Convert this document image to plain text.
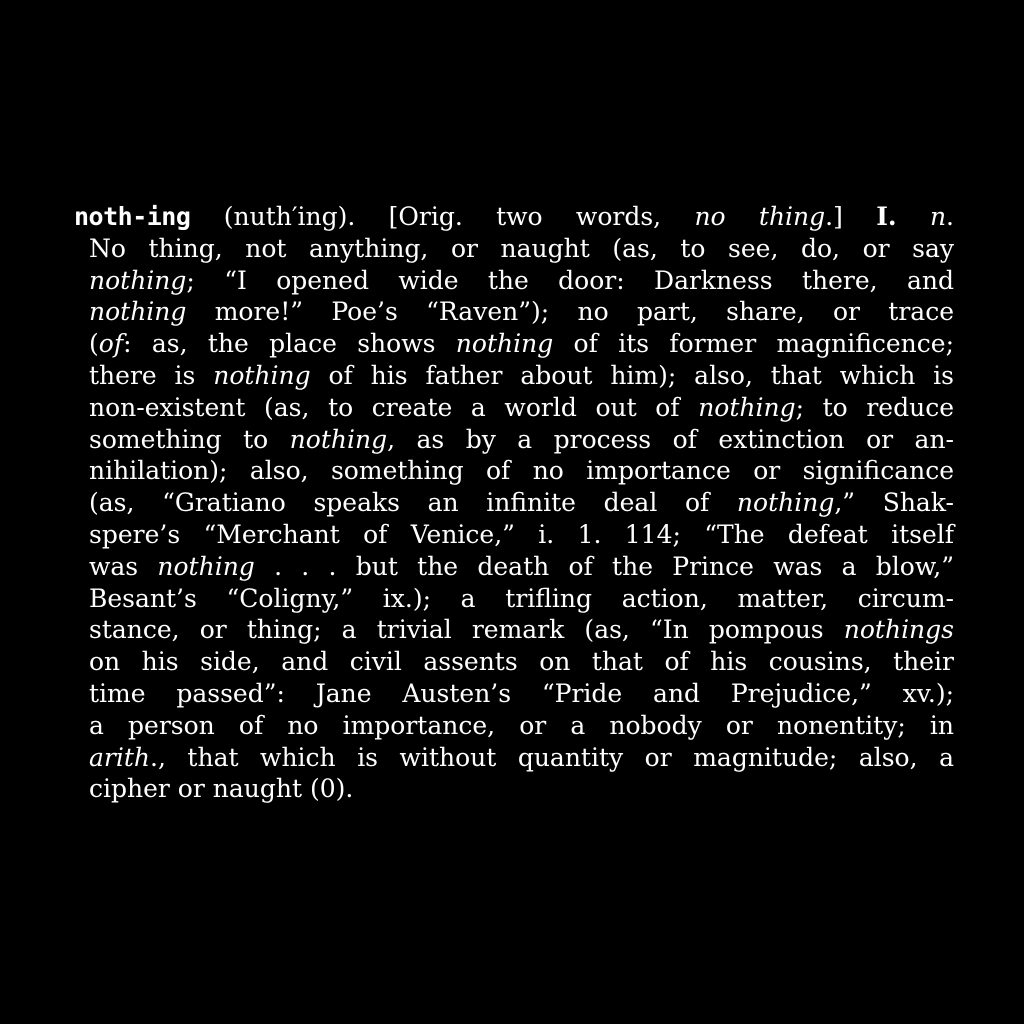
noth-ing (nuth′ing). [Orig. two words, no thing.] I. n.
No thing, not anything, or naught (as, to see, do, or say
nothing; “I opened wide the door: Darkness there, and
nothing more!” Poe’s “Raven”); no part, share, or trace
(of: as, the place shows nothing of its former magnificence;
there is nothing of his father about him); also, that which is
non-existent (as, to create a world out of nothing; to reduce
something to nothing, as by a process of extinction or an-
nihilation); also, something of no importance or significance
(as, “Gratiano speaks an infinite deal of nothing,” Shak-
spere’s “Merchant of Venice,” i. 1. 114; “The defeat itself
was nothing . . . but the death of the Prince was a blow,”
Besant’s “Coligny,” ix.); a trifling action, matter, circum-
stance, or thing; a trivial remark (as, “In pompous nothings
on his side, and civil assents on that of his cousins, their
time passed”: Jane Austen’s “Pride and Prejudice,” xv.);
a person of no importance, or a nobody or nonentity; in
arith., that which is without quantity or magnitude; also, a
cipher or naught (0).
